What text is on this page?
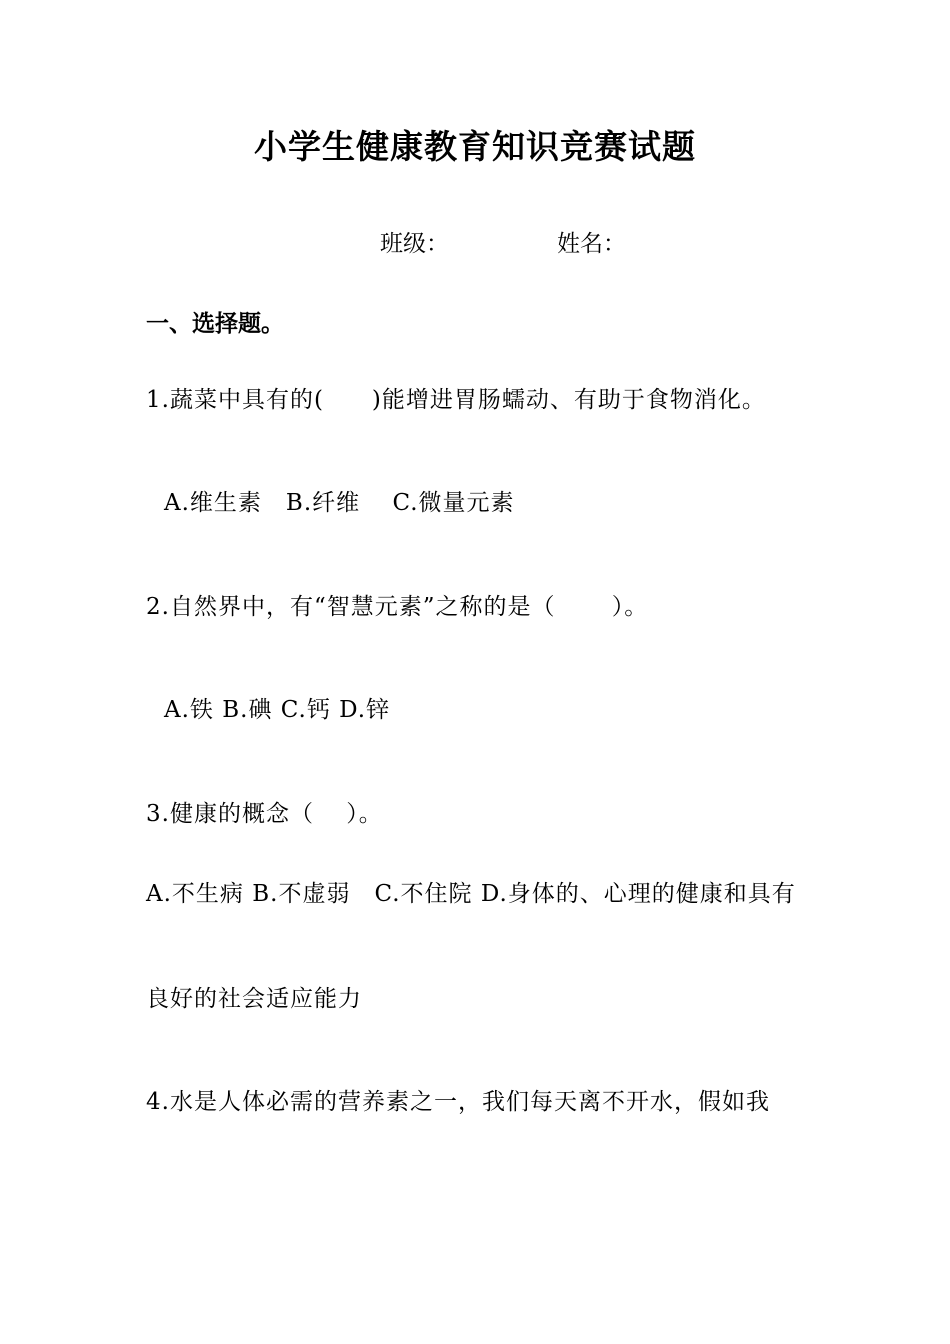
小学生健康教育知识竞赛试题
班级：	姓名：
一、选择题。
1.蔬菜中具有的(　　)能增进胃肠蠕动、有助于食物消化。
A.维生素　B.纤维　 C.微量元素
2.自然界中，有“智慧元素”之称的是（　　 ）。
A.铁 B.碘 C.钙 D.锌
3.健康的概念（　 ）。
A.不生病 B.不虚弱　C.不住院 D.身体的、心理的健康和具有
良好的社会适应能力
4.水是人体必需的营养素之一，我们每天离不开水，假如我
